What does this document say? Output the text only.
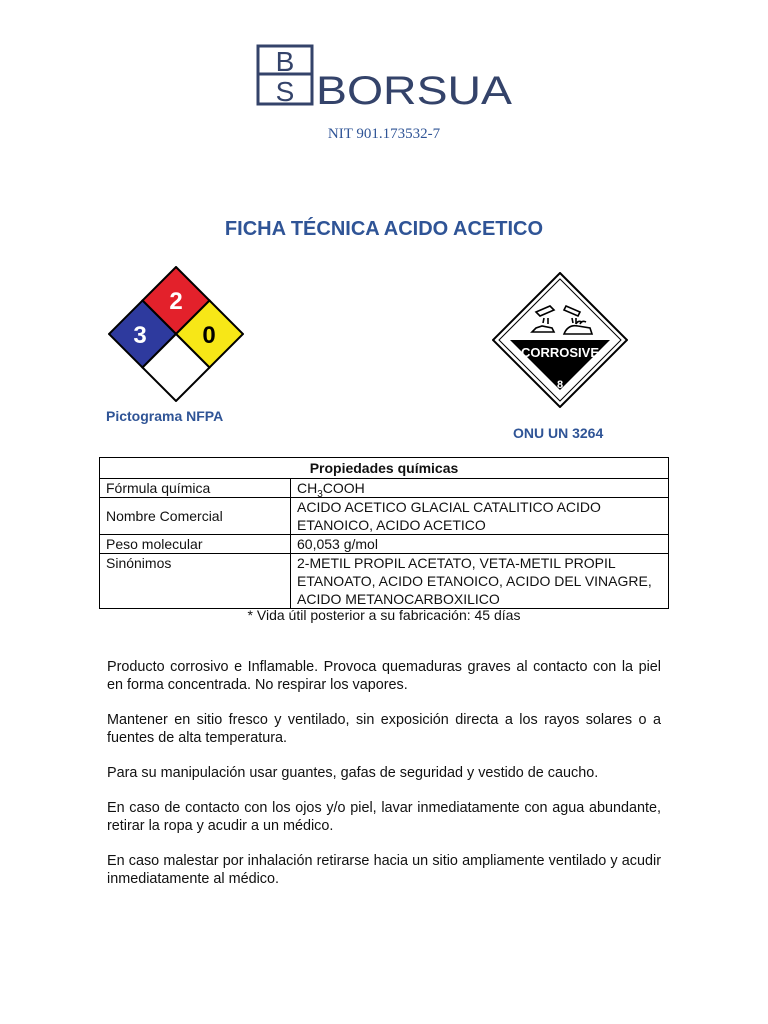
B
S BORSUA
NIT 901.173532-7
FICHA TÉCNICA ACIDO ACETICO
2
3 0
Pictograma NFPA
CORROSIVE
8
ONU UN 3264
Propiedades químicas	
Fórmula química	$CH_3COOH$
Nombre Comercial	ACIDO ACETICO GLACIAL CATALITICO ACIDO ETANOICO, ACIDO ACETICO
Peso molecular	60,053 g/mol
Sinónimos	2-METIL PROPIL ACETATO, VETA-METIL PROPIL ETANOATO, ACIDO ETANOICO, ACIDO DEL VINAGRE, ACIDO METANOCARBOXILICO
* Vida útil posterior a su fabricación: 45 días

Producto corrosivo e Inflamable. Provoca quemaduras graves al contacto con la piel en forma concentrada. No respirar los vapores.

Mantener en sitio fresco y ventilado, sin exposición directa a los rayos solares o a fuentes de alta temperatura.

Para su manipulación usar guantes, gafas de seguridad y vestido de caucho.

En caso de contacto con los ojos y/o piel, lavar inmediatamente con agua abundante, retirar la ropa y acudir a un médico.

En caso malestar por inhalación retirarse hacia un sitio ampliamente ventilado y acudir inmediatamente al médico.
